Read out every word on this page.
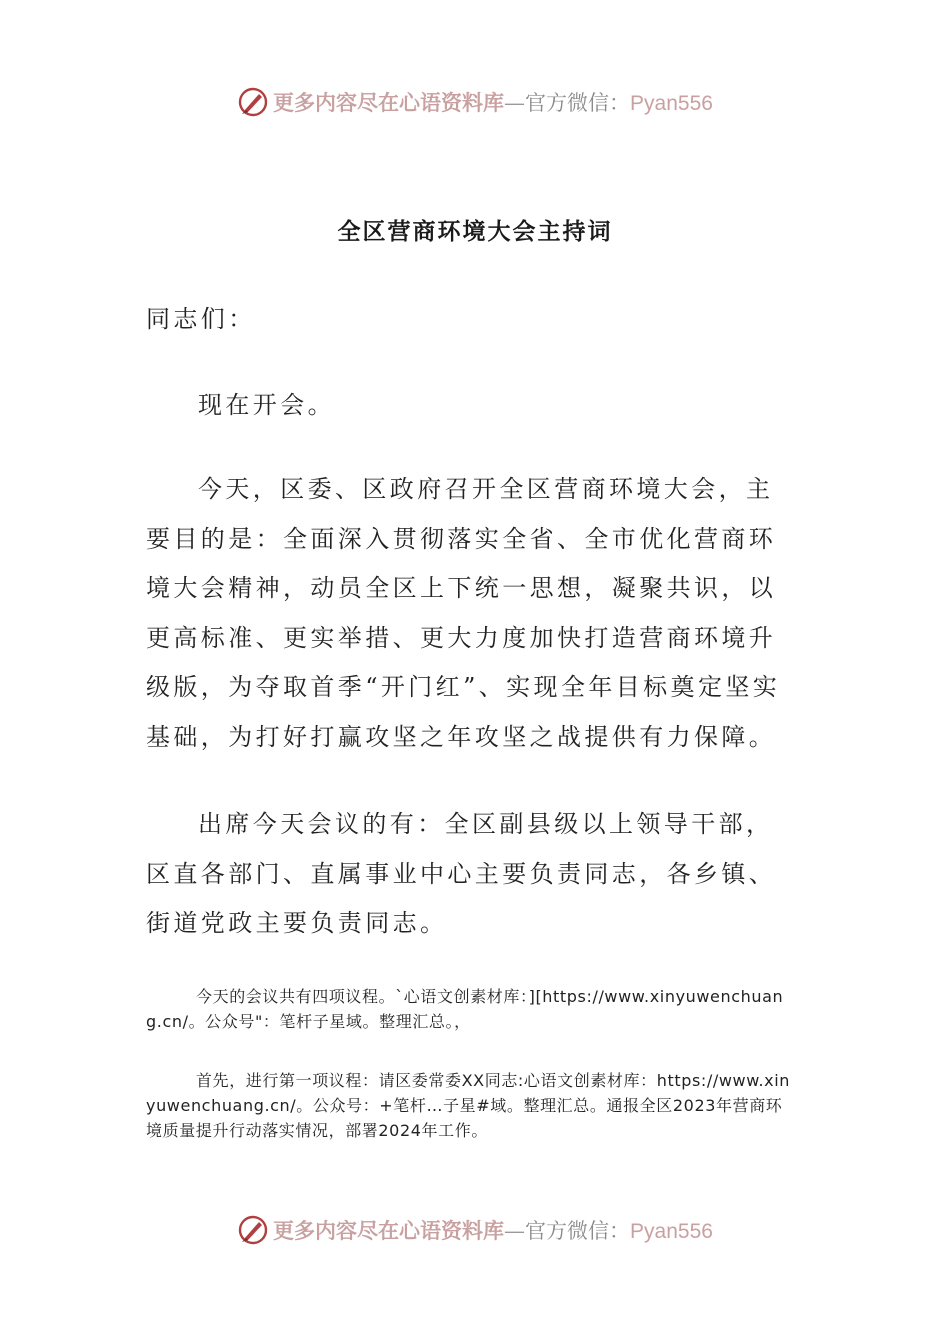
更多内容尽在心语资料库—官方微信：Pyan556
全区营商环境大会主持词
同志们：
现在开会。
今天，区委、区政府召开全区营商环境大会，主要目的是：全面深入贯彻落实全省、全市优化营商环境大会精神，动员全区上下统一思想，凝聚共识，以更高标准、更实举措、更大力度加快打造营商环境升级版，为夺取首季“开门红”、实现全年目标奠定坚实基础，为打好打赢攻坚之年攻坚之战提供有力保障。
出席今天会议的有：全区副县级以上领导干部，区直各部门、直属事业中心主要负责同志，各乡镇、街道党政主要负责同志。
今天的会议共有四项议程。`心语文创素材库：][https://www.xinyuwenchuang.cn/。公众号"：笔杆子星域。整理汇总。，
首先，进行第一项议程：请区委常委XX同志:心语文创素材库：https://www.xinyuwenchuang.cn/。公众号：+笔杆…子星#域。整理汇总。通报全区2023年营商环境质量提升行动落实情况，部署2024年工作。
更多内容尽在心语资料库—官方微信：Pyan556
